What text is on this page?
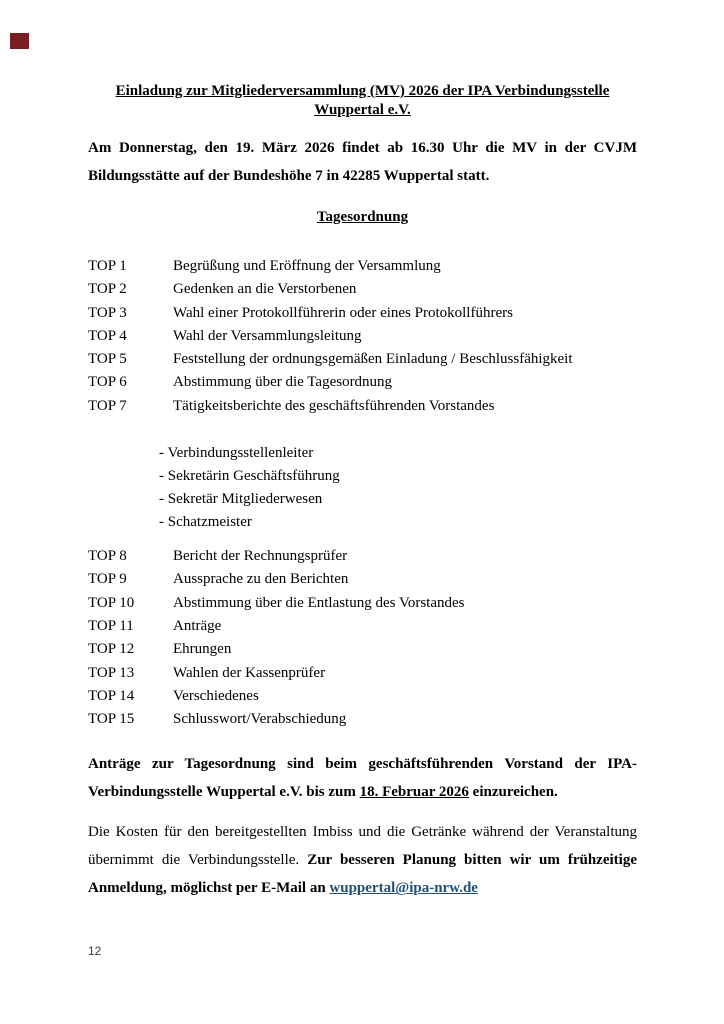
Einladung zur Mitgliederversammlung (MV) 2026 der IPA Verbindungsstelle Wuppertal e.V.
Am Donnerstag, den 19. März 2026 findet ab 16.30 Uhr die MV in der CVJM Bildungsstätte auf der Bundeshöhe 7 in 42285 Wuppertal statt.
Tagesordnung
TOP 1	Begrüßung und Eröffnung der Versammlung
TOP 2	Gedenken an die Verstorbenen
TOP 3	Wahl einer Protokollführerin oder eines Protokollführers
TOP 4	Wahl der Versammlungsleitung
TOP 5	Feststellung der ordnungsgemäßen Einladung / Beschlussfähigkeit
TOP 6	Abstimmung über die Tagesordnung
TOP 7	Tätigkeitsberichte des geschäftsführenden Vorstandes
- Verbindungsstellenleiter
- Sekretärin Geschäftsführung
- Sekretär Mitgliederwesen
- Schatzmeister
TOP 8	Bericht der Rechnungsprüfer
TOP 9	Aussprache zu den Berichten
TOP 10	Abstimmung über die Entlastung des Vorstandes
TOP 11	Anträge
TOP 12	Ehrungen
TOP 13	Wahlen der Kassenprüfer
TOP 14	Verschiedenes
TOP 15	Schlusswort/Verabschiedung
Anträge zur Tagesordnung sind beim geschäftsführenden Vorstand der IPA-Verbindungsstelle Wuppertal e.V. bis zum 18. Februar 2026 einzureichen.
Die Kosten für den bereitgestellten Imbiss und die Getränke während der Veranstaltung übernimmt die Verbindungsstelle. Zur besseren Planung bitten wir um frühzeitige Anmeldung, möglichst per E-Mail an wuppertal@ipa-nrw.de
12
